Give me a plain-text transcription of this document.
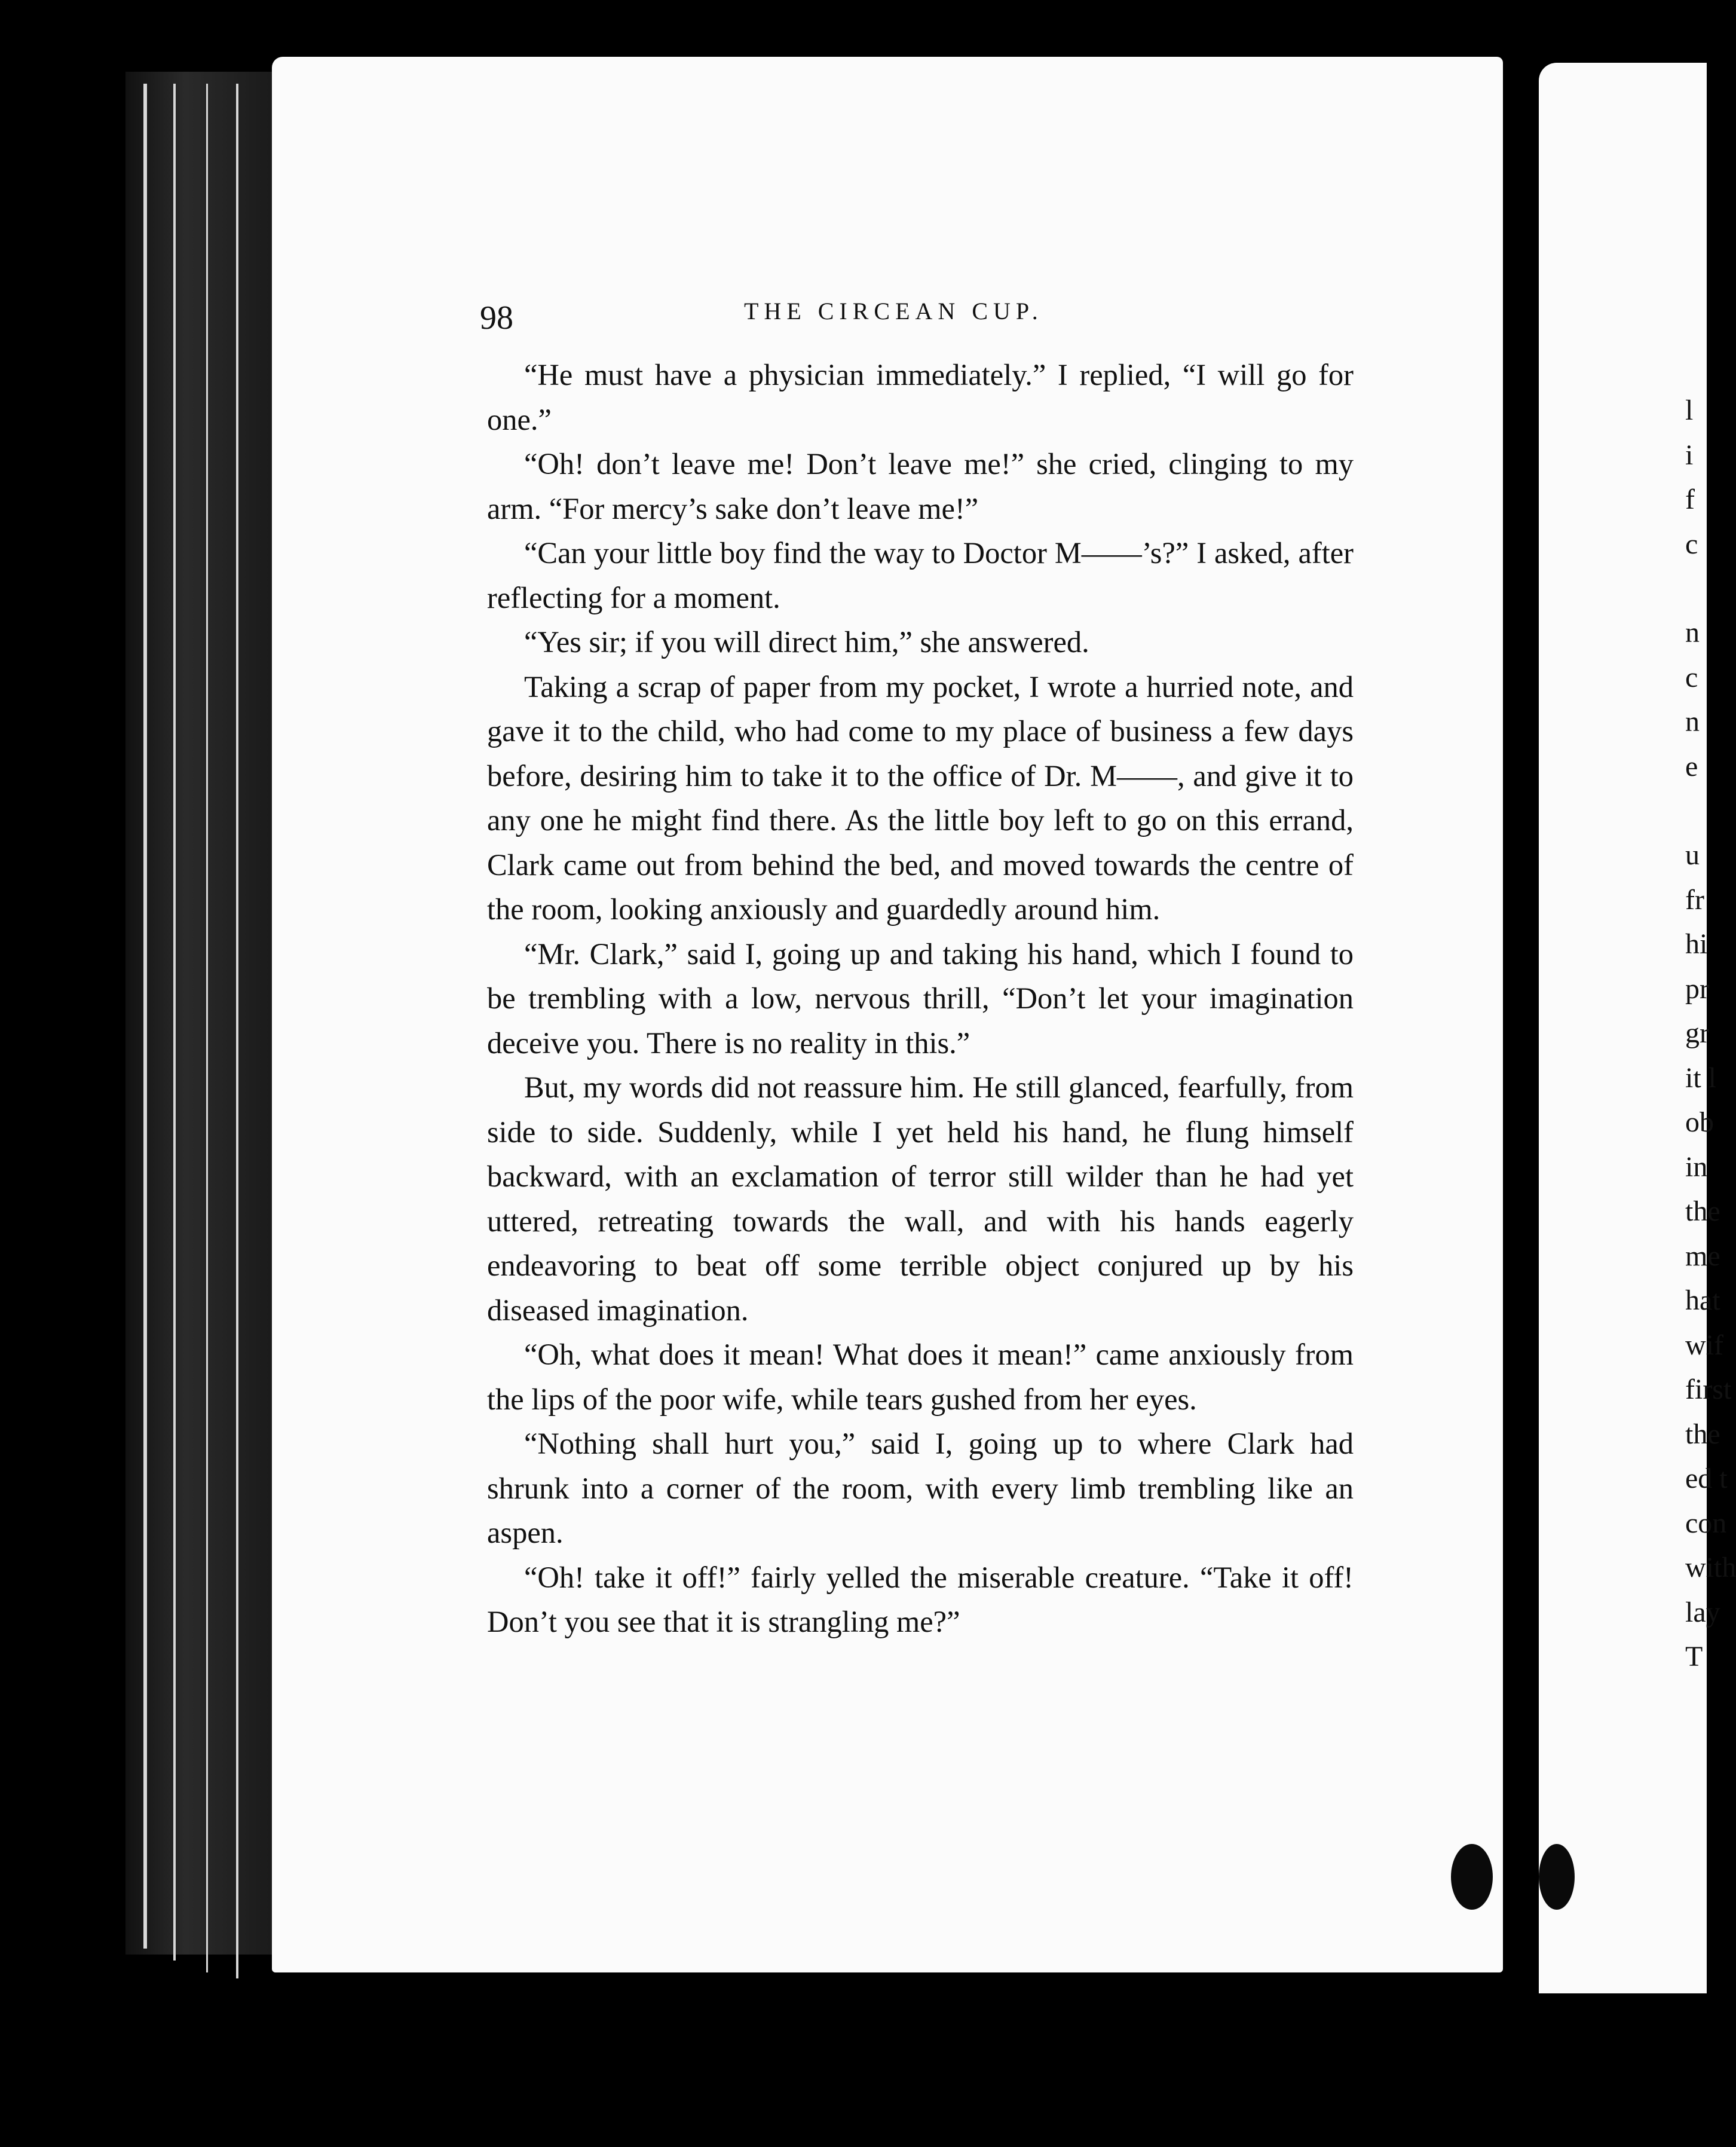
98	THE CIRCEAN CUP.

“He must have a physician immediately.” I replied, “I will go for one.”

“Oh! don’t leave me! Don’t leave me!” she cried, clinging to my arm. “For mercy’s sake don’t leave me!”

“Can your little boy find the way to Doctor M——’s?” I asked, after reflecting for a moment.

“Yes sir; if you will direct him,” she answered.

Taking a scrap of paper from my pocket, I wrote a hurried note, and gave it to the child, who had come to my place of business a few days before, desiring him to take it to the office of Dr. M——, and give it to any one he might find there. As the little boy left to go on this errand, Clark came out from behind the bed, and moved towards the centre of the room, looking anxiously and guardedly around him.

“Mr. Clark,” said I, going up and taking his hand, which I found to be trembling with a low, nervous thrill, “Don’t let your imagination deceive you. There is no reality in this.”

But, my words did not reassure him. He still glanced, fearfully, from side to side. Suddenly, while I yet held his hand, he flung himself backward, with an exclamation of terror still wilder than he had yet uttered, retreating towards the wall, and with his hands eagerly endeavoring to beat off some terrible object conjured up by his diseased imagination.

“Oh, what does it mean! What does it mean!” came anxiously from the lips of the poor wife, while tears gushed from her eyes.

“Nothing shall hurt you,” said I, going up to where Clark had shrunk into a corner of the room, with every limb trembling like an aspen.

“Oh! take it off!” fairly yelled the miserable creature. “Take it off! Don’t you see that it is strangling me?”

l
i
f
c
n
c
n
e
u
fr
hi
pr
gr
it l
ob
in
the
me
hat
wif
first
the
ed t
con
with
lay
T
